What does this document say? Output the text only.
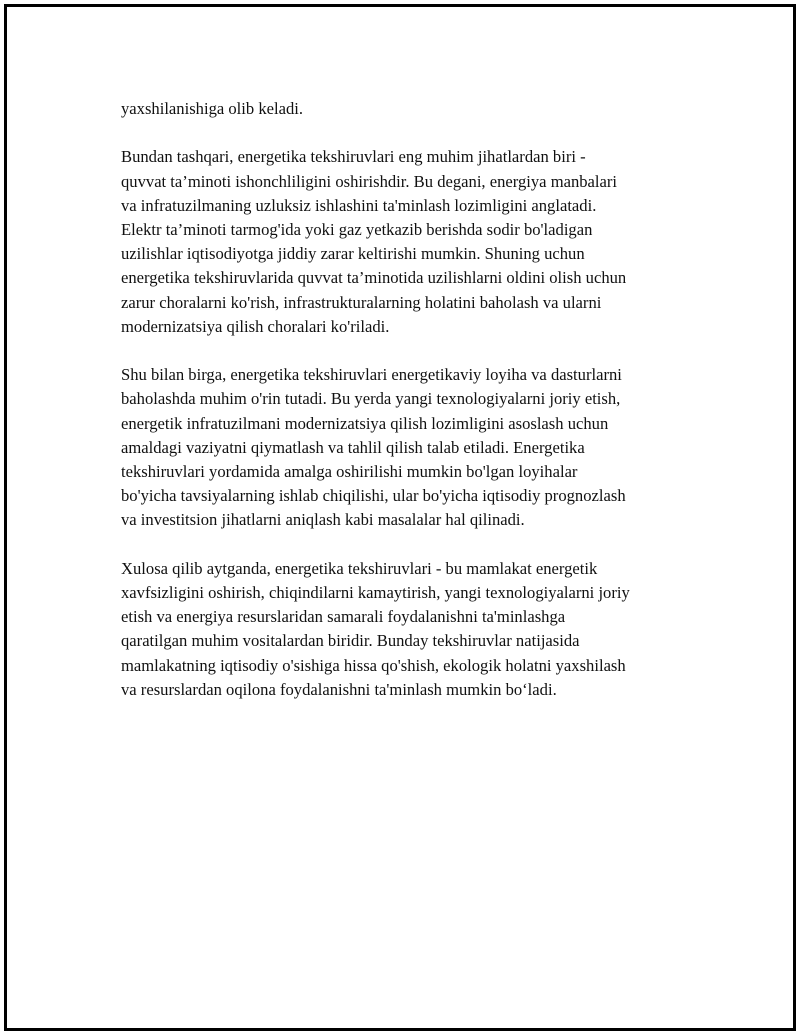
yaxshilanishiga olib keladi.

Bundan tashqari, energetika tekshiruvlari eng muhim jihatlardan biri -
quvvat ta’minoti ishonchliligini oshirishdir. Bu degani, energiya manbalari
va infratuzilmaning uzluksiz ishlashini ta'minlash lozimligini anglatadi.
Elektr ta’minoti tarmog'ida yoki gaz yetkazib berishda sodir bo'ladigan
uzilishlar iqtisodiyotga jiddiy zarar keltirishi mumkin. Shuning uchun
energetika tekshiruvlarida quvvat ta’minotida uzilishlarni oldini olish uchun
zarur choralarni ko'rish, infrastrukturalarning holatini baholash va ularni
modernizatsiya qilish choralari ko'riladi.

Shu bilan birga, energetika tekshiruvlari energetikaviy loyiha va dasturlarni
baholashda muhim o'rin tutadi. Bu yerda yangi texnologiyalarni joriy etish,
energetik infratuzilmani modernizatsiya qilish lozimligini asoslash uchun
amaldagi vaziyatni qiymatlash va tahlil qilish talab etiladi. Energetika
tekshiruvlari yordamida amalga oshirilishi mumkin bo'lgan loyihalar
bo'yicha tavsiyalarning ishlab chiqilishi, ular bo'yicha iqtisodiy prognozlash
va investitsion jihatlarni aniqlash kabi masalalar hal qilinadi.

Xulosa qilib aytganda, energetika tekshiruvlari - bu mamlakat energetik
xavfsizligini oshirish, chiqindilarni kamaytirish, yangi texnologiyalarni joriy
etish va energiya resurslaridan samarali foydalanishni ta'minlashga
qaratilgan muhim vositalardan biridir. Bunday tekshiruvlar natijasida
mamlakatning iqtisodiy o'sishiga hissa qo'shish, ekologik holatni yaxshilash
va resurslardan oqilona foydalanishni ta'minlash mumkin bo‘ladi.
